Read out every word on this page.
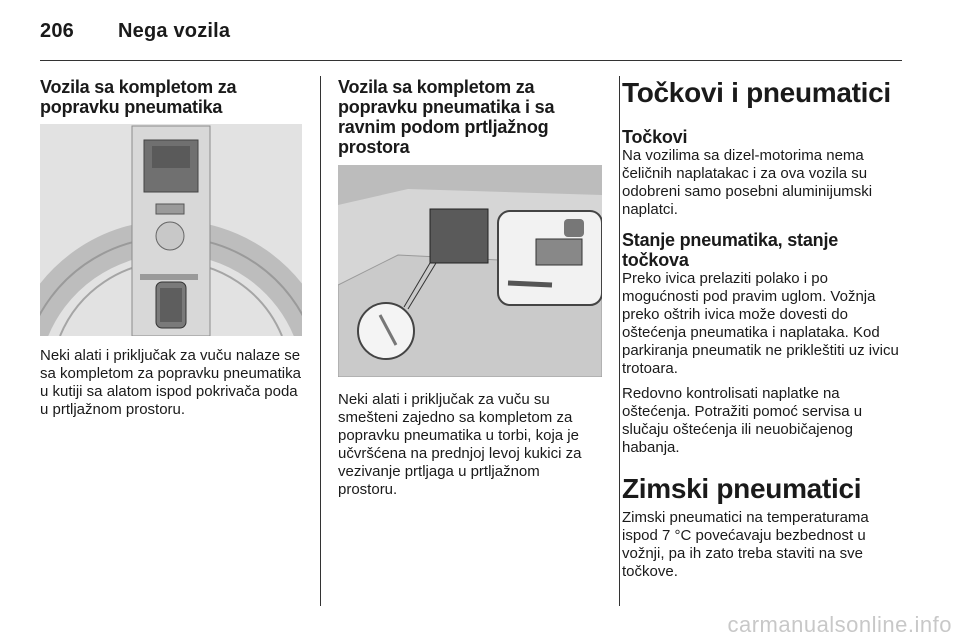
206 Nega vozila
Vozila sa kompletom za popravku pneumatika

Neki alati i priključak za vuču nalaze se sa kompletom za popravku pneumatika u kutiji sa alatom ispod pokrivača poda u prtljažnom prostoru.

Vozila sa kompletom za popravku pneumatika i sa ravnim podom prtljažnog prostora

Neki alati i priključak za vuču su smešteni zajedno sa kompletom za popravku pneumatika u torbi, koja je učvršćena na prednjoj levoj kukici za vezivanje prtljaga u prtljažnom prostoru.

Točkovi i pneumatici
Točkovi

Na vozilima sa dizel-motorima nema čeličnih naplatakac i za ova vozila su odobreni samo posebni aluminijumski naplatci.

Stanje pneumatika, stanje točkova

Preko ivica prelaziti polako i po mogućnosti pod pravim uglom. Vožnja preko oštrih ivica može dovesti do oštećenja pneumatika i naplataka. Kod parkiranja pneumatik ne prikleštiti uz ivicu trotoara.

Redovno kontrolisati naplatke na oštećenja. Potražiti pomoć servisa u slučaju oštećenja ili neuobičajenog habanja.

Zimski pneumatici

Zimski pneumatici na temperaturama ispod 7 °C povećavaju bezbednost u vožnji, pa ih zato treba staviti na sve točkove.

carmanualsonline.info
